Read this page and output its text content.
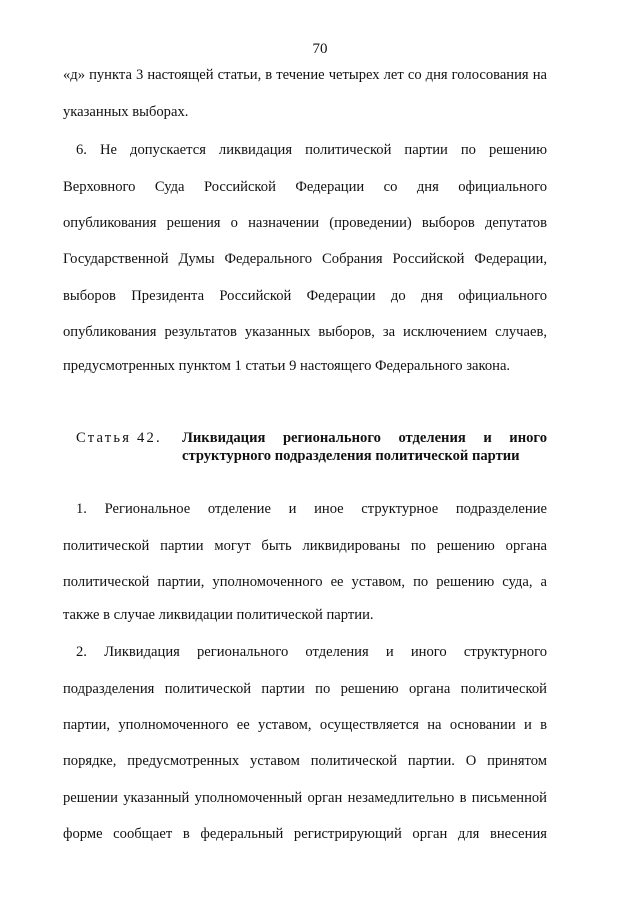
70
«д» пункта 3 настоящей статьи, в течение четырех лет со дня голосования на
указанных выборах.
6. Не допускается ликвидация политической партии по решению
Верховного Суда Российской Федерации со дня официального
опубликования решения о назначении (проведении) выборов депутатов
Государственной Думы Федерального Собрания Российской Федерации,
выборов Президента Российской Федерации до дня официального
опубликования результатов указанных выборов, за исключением случаев,
предусмотренных пунктом 1 статьи 9 настоящего Федерального закона.
Статья 42. Ликвидация регионального отделения и иного
структурного подразделения политической партии
1. Региональное отделение и иное структурное подразделение
политической партии могут быть ликвидированы по решению органа
политической партии, уполномоченного ее уставом, по решению суда, а
также в случае ликвидации политической партии.
2. Ликвидация регионального отделения и иного структурного
подразделения политической партии по решению органа политической
партии, уполномоченного ее уставом, осуществляется на основании и в
порядке, предусмотренных уставом политической партии. О принятом
решении указанный уполномоченный орган незамедлительно в письменной
форме сообщает в федеральный регистрирующий орган для внесения
